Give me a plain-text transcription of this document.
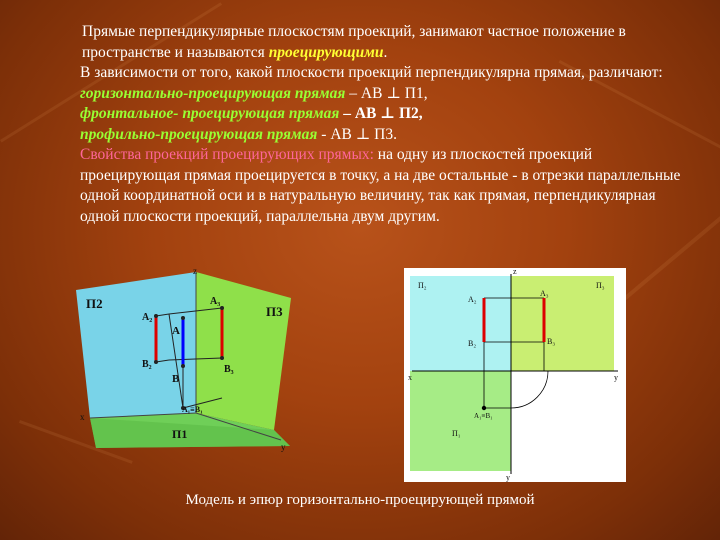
Прямые перпендикулярные плоскостям проекций, занимают частное положение в пространстве и называются проецирующими.

В зависимости от того, какой плоскости проекций перпендикулярна прямая, различают:

горизонтально-проецирующая прямая – АВ ⊥ П1,

фронтальное- проецирующая прямая – АВ ⊥ П2,

профильно-проецирующая прямая - АВ ⊥ П3.

Свойства проекций проецирующих прямых: на одну из плоскостей проекций проецирующая прямая проецируется в точку, а на две остальные - в отрезки параллельные одной координатной оси и в натуральную величину, так как прямая, перпендикулярная одной плоскости проекций, параллельна двум другим.

П2
П3
П1
z
x
y
A₂
B₂
A
B
A₃
B₃
A₁≡B₁
П₂	П₃
П₁
z
x	y
y
A₂
B₂
A₃
B₃
A₁≡B₁
Модель и эпюр горизонтально-проецирующей прямой
